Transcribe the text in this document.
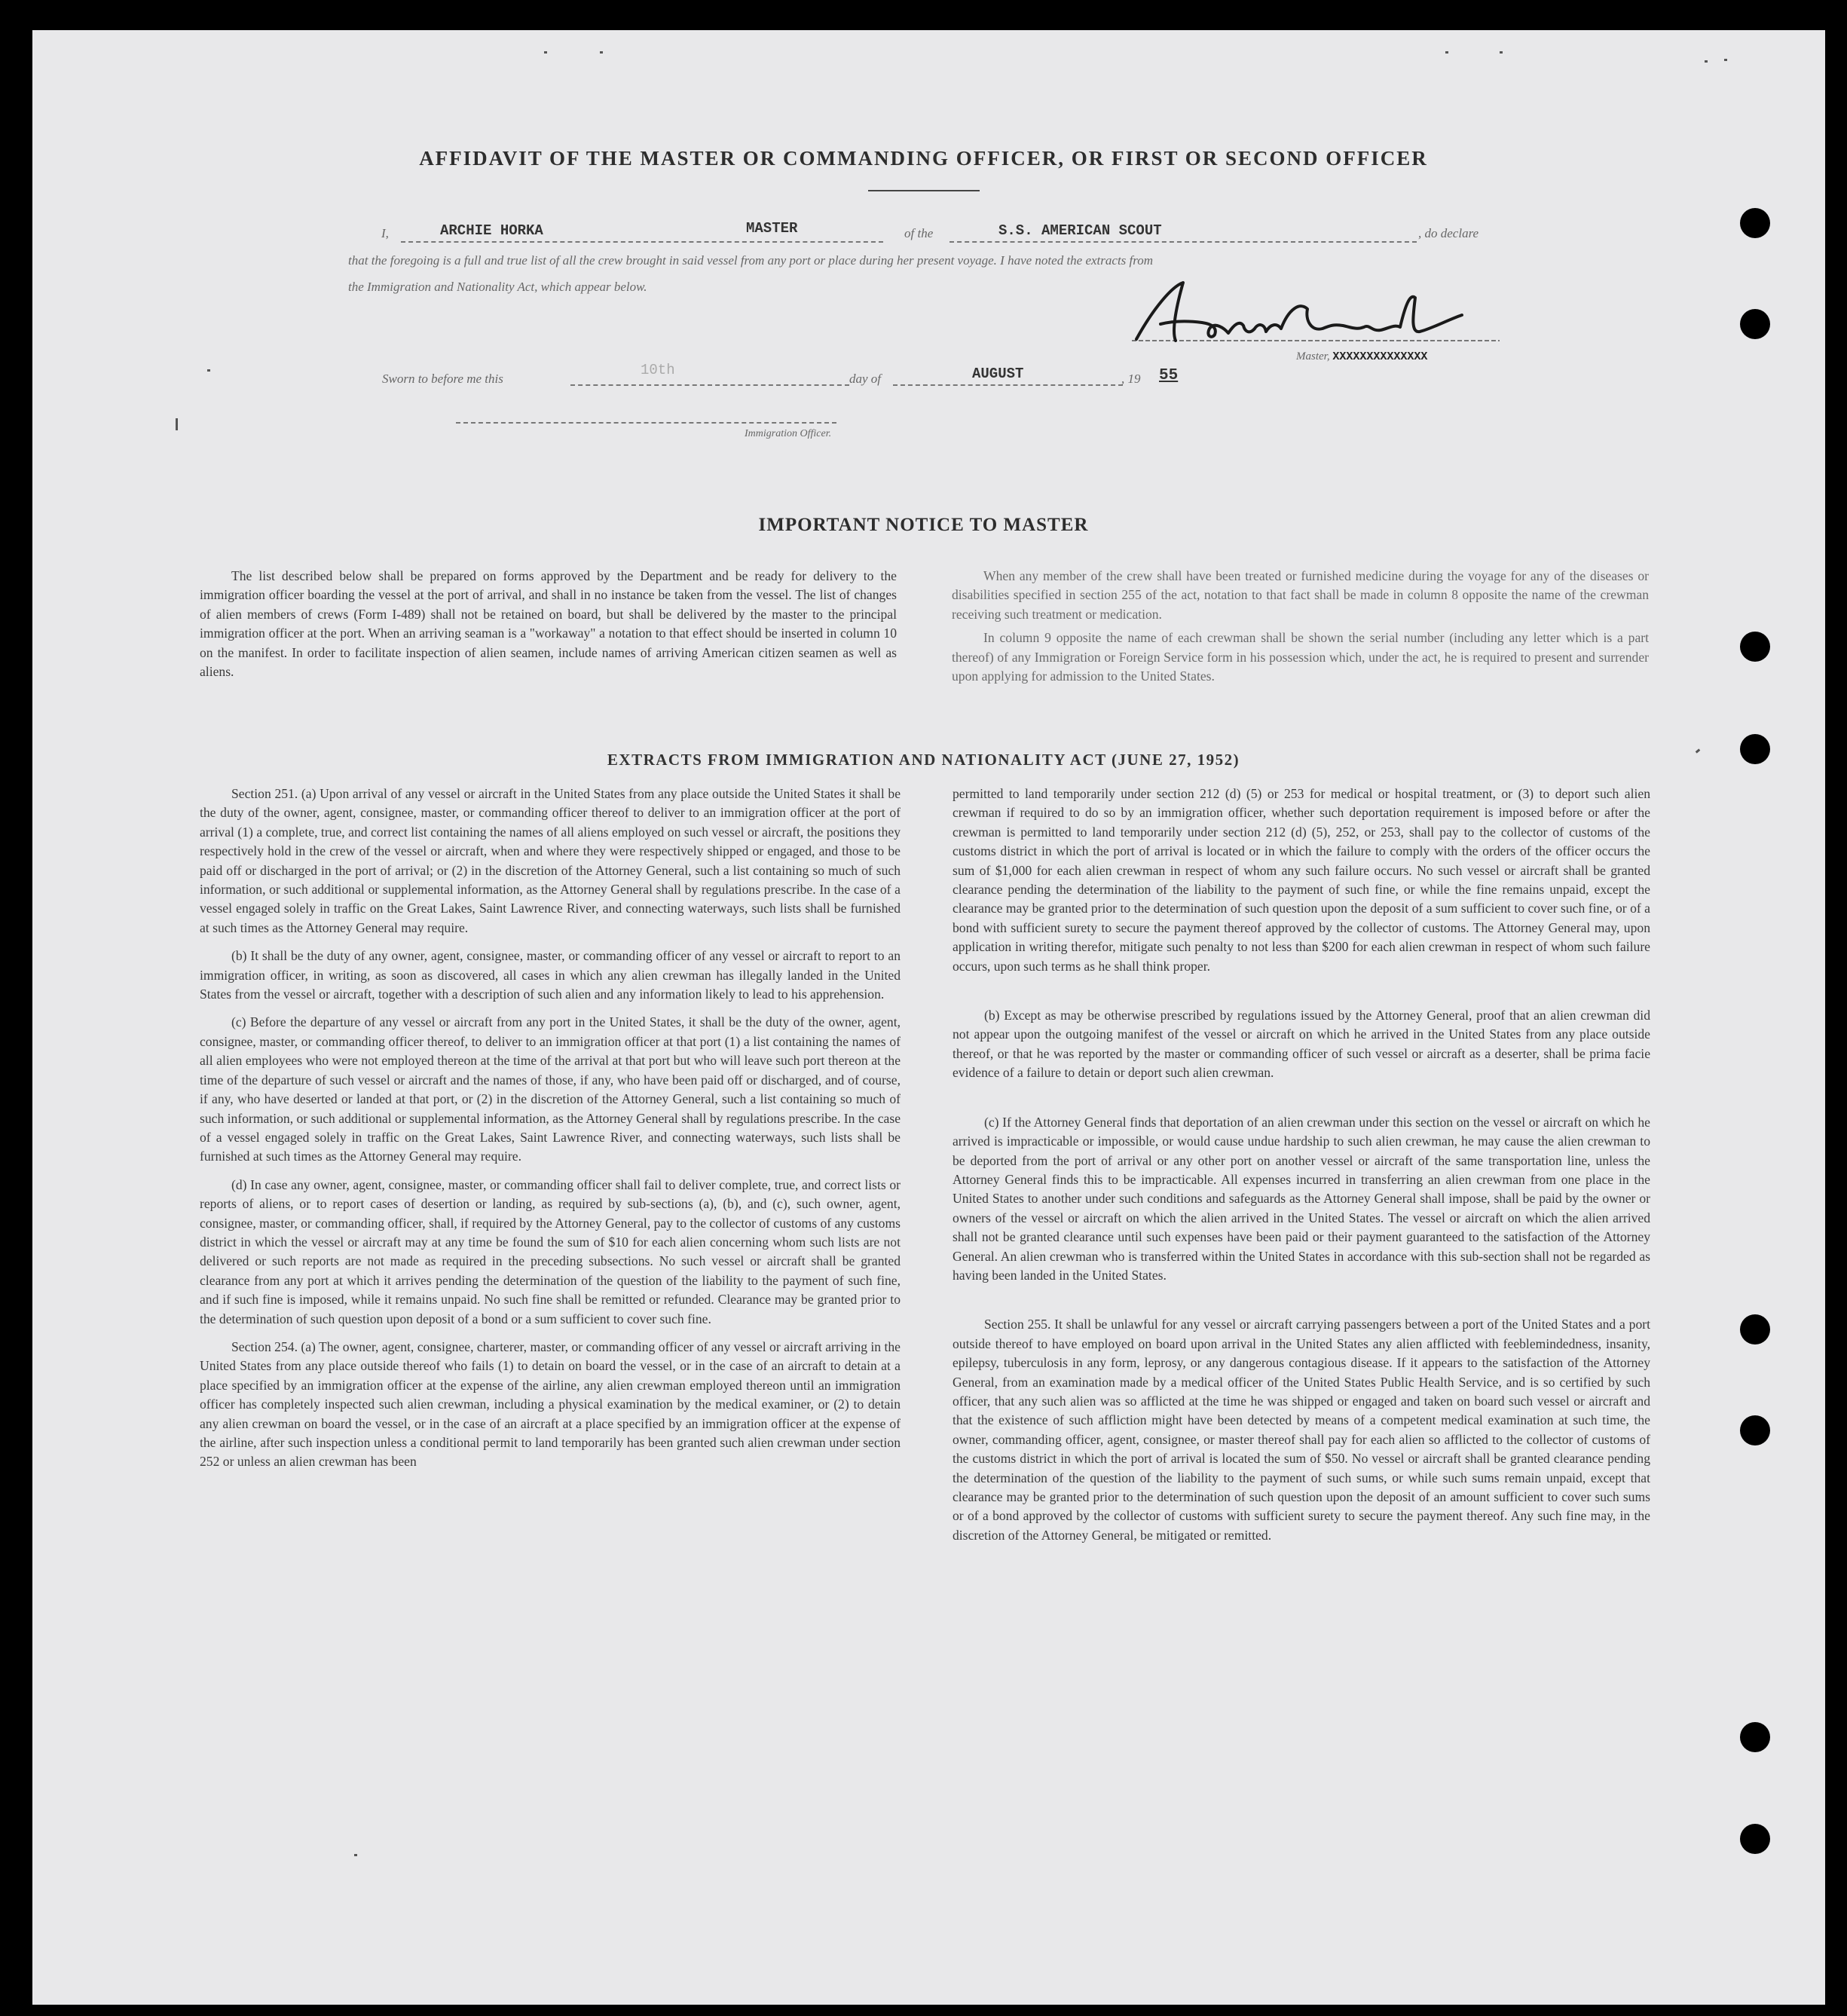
AFFIDAVIT OF THE MASTER OR COMMANDING OFFICER, OR FIRST OR SECOND OFFICER
I,	ARCHIE HORKA	MASTER	of the	S.S. AMERICAN SCOUT	, do declare
that the foregoing is a full and true list of all the crew brought in said vessel from any port or place during her present voyage. I have noted the extracts from
the Immigration and Nationality Act, which appear below.
Master, XXXXXXXXXXXXXX
Sworn to before me this
10th
day of	AUGUST	, 19 55
Immigration Officer.
IMPORTANT NOTICE TO MASTER

The list described below shall be prepared on forms approved by the Department and be ready for delivery to the immigration officer boarding the vessel at the port of arrival, and shall in no instance be taken from the vessel. The list of changes of alien members of crews (Form I-489) shall not be retained on board, but shall be delivered by the master to the principal immigration officer at the port. When an arriving seaman is a "workaway" a notation to that effect should be inserted in column 10 on the manifest. In order to facilitate inspection of alien seamen, include names of arriving American citizen seamen as well as aliens.

When any member of the crew shall have been treated or furnished medicine during the voyage for any of the diseases or disabilities specified in section 255 of the act, notation to that fact shall be made in column 8 opposite the name of the crewman receiving such treatment or medication.

In column 9 opposite the name of each crewman shall be shown the serial number (including any letter which is a part thereof) of any Immigration or Foreign Service form in his possession which, under the act, he is required to present and surrender upon applying for admission to the United States.

EXTRACTS FROM IMMIGRATION AND NATIONALITY ACT (JUNE 27, 1952)

Section 251. (a) Upon arrival of any vessel or aircraft in the United States from any place outside the United States it shall be the duty of the owner, agent, consignee, master, or commanding officer thereof to deliver to an immigration officer at the port of arrival (1) a complete, true, and correct list containing the names of all aliens employed on such vessel or aircraft, the positions they respectively hold in the crew of the vessel or aircraft, when and where they were respectively shipped or engaged, and those to be paid off or discharged in the port of arrival; or (2) in the discretion of the Attorney General, such a list containing so much of such information, or such additional or supplemental information, as the Attorney General shall by regulations prescribe. In the case of a vessel engaged solely in traffic on the Great Lakes, Saint Lawrence River, and connecting waterways, such lists shall be furnished at such times as the Attorney General may require.

(b) It shall be the duty of any owner, agent, consignee, master, or commanding officer of any vessel or aircraft to report to an immigration officer, in writing, as soon as discovered, all cases in which any alien crewman has illegally landed in the United States from the vessel or aircraft, together with a description of such alien and any information likely to lead to his apprehension.

(c) Before the departure of any vessel or aircraft from any port in the United States, it shall be the duty of the owner, agent, consignee, master, or commanding officer thereof, to deliver to an immigration officer at that port (1) a list containing the names of all alien employees who were not employed thereon at the time of the arrival at that port but who will leave such port thereon at the time of the departure of such vessel or aircraft and the names of those, if any, who have been paid off or discharged, and of course, if any, who have deserted or landed at that port, or (2) in the discretion of the Attorney General, such a list containing so much of such information, or such additional or supplemental information, as the Attorney General shall by regulations prescribe. In the case of a vessel engaged solely in traffic on the Great Lakes, Saint Lawrence River, and connecting waterways, such lists shall be furnished at such times as the Attorney General may require.

(d) In case any owner, agent, consignee, master, or commanding officer shall fail to deliver complete, true, and correct lists or reports of aliens, or to report cases of desertion or landing, as required by sub-sections (a), (b), and (c), such owner, agent, consignee, master, or commanding officer, shall, if required by the Attorney General, pay to the collector of customs of any customs district in which the vessel or aircraft may at any time be found the sum of $10 for each alien concerning whom such lists are not delivered or such reports are not made as required in the preceding subsections. No such vessel or aircraft shall be granted clearance from any port at which it arrives pending the determination of the question of the liability to the payment of such fine, and if such fine is imposed, while it remains unpaid. No such fine shall be remitted or refunded. Clearance may be granted prior to the determination of such question upon deposit of a bond or a sum sufficient to cover such fine.

Section 254. (a) The owner, agent, consignee, charterer, master, or commanding officer of any vessel or aircraft arriving in the United States from any place outside thereof who fails (1) to detain on board the vessel, or in the case of an aircraft to detain at a place specified by an immigration officer at the expense of the airline, any alien crewman employed thereon until an immigration officer has completely inspected such alien crewman, including a physical examination by the medical examiner, or (2) to detain any alien crewman on board the vessel, or in the case of an aircraft at a place specified by an immigration officer at the expense of the airline, after such inspection unless a conditional permit to land temporarily has been granted such alien crewman under section 252 or unless an alien crewman has been

permitted to land temporarily under section 212 (d) (5) or 253 for medical or hospital treatment, or (3) to deport such alien crewman if required to do so by an immigration officer, whether such deportation requirement is imposed before or after the crewman is permitted to land temporarily under section 212 (d) (5), 252, or 253, shall pay to the collector of customs of the customs district in which the port of arrival is located or in which the failure to comply with the orders of the officer occurs the sum of $1,000 for each alien crewman in respect of whom any such failure occurs. No such vessel or aircraft shall be granted clearance pending the determination of the liability to the payment of such fine, or while the fine remains unpaid, except the clearance may be granted prior to the determination of such question upon the deposit of a sum sufficient to cover such fine, or of a bond with sufficient surety to secure the payment thereof approved by the collector of customs. The Attorney General may, upon application in writing therefor, mitigate such penalty to not less than $200 for each alien crewman in respect of whom such failure occurs, upon such terms as he shall think proper.

(b) Except as may be otherwise prescribed by regulations issued by the Attorney General, proof that an alien crewman did not appear upon the outgoing manifest of the vessel or aircraft on which he arrived in the United States from any place outside thereof, or that he was reported by the master or commanding officer of such vessel or aircraft as a deserter, shall be prima facie evidence of a failure to detain or deport such alien crewman.

(c) If the Attorney General finds that deportation of an alien crewman under this section on the vessel or aircraft on which he arrived is impracticable or impossible, or would cause undue hardship to such alien crewman, he may cause the alien crewman to be deported from the port of arrival or any other port on another vessel or aircraft of the same transportation line, unless the Attorney General finds this to be impracticable. All expenses incurred in transferring an alien crewman from one place in the United States to another under such conditions and safeguards as the Attorney General shall impose, shall be paid by the owner or owners of the vessel or aircraft on which the alien arrived in the United States. The vessel or aircraft on which the alien arrived shall not be granted clearance until such expenses have been paid or their payment guaranteed to the satisfaction of the Attorney General. An alien crewman who is transferred within the United States in accordance with this sub-section shall not be regarded as having been landed in the United States.

Section 255. It shall be unlawful for any vessel or aircraft carrying passengers between a port of the United States and a port outside thereof to have employed on board upon arrival in the United States any alien afflicted with feeblemindedness, insanity, epilepsy, tuberculosis in any form, leprosy, or any dangerous contagious disease. If it appears to the satisfaction of the Attorney General, from an examination made by a medical officer of the United States Public Health Service, and is so certified by such officer, that any such alien was so afflicted at the time he was shipped or engaged and taken on board such vessel or aircraft and that the existence of such affliction might have been detected by means of a competent medical examination at such time, the owner, commanding officer, agent, consignee, or master thereof shall pay for each alien so afflicted to the collector of customs of the customs district in which the port of arrival is located the sum of $50. No vessel or aircraft shall be granted clearance pending the determination of the question of the liability to the payment of such sums, or while such sums remain unpaid, except that clearance may be granted prior to the determination of such question upon the deposit of an amount sufficient to cover such sums or of a bond approved by the collector of customs with sufficient surety to secure the payment thereof. Any such fine may, in the discretion of the Attorney General, be mitigated or remitted.
